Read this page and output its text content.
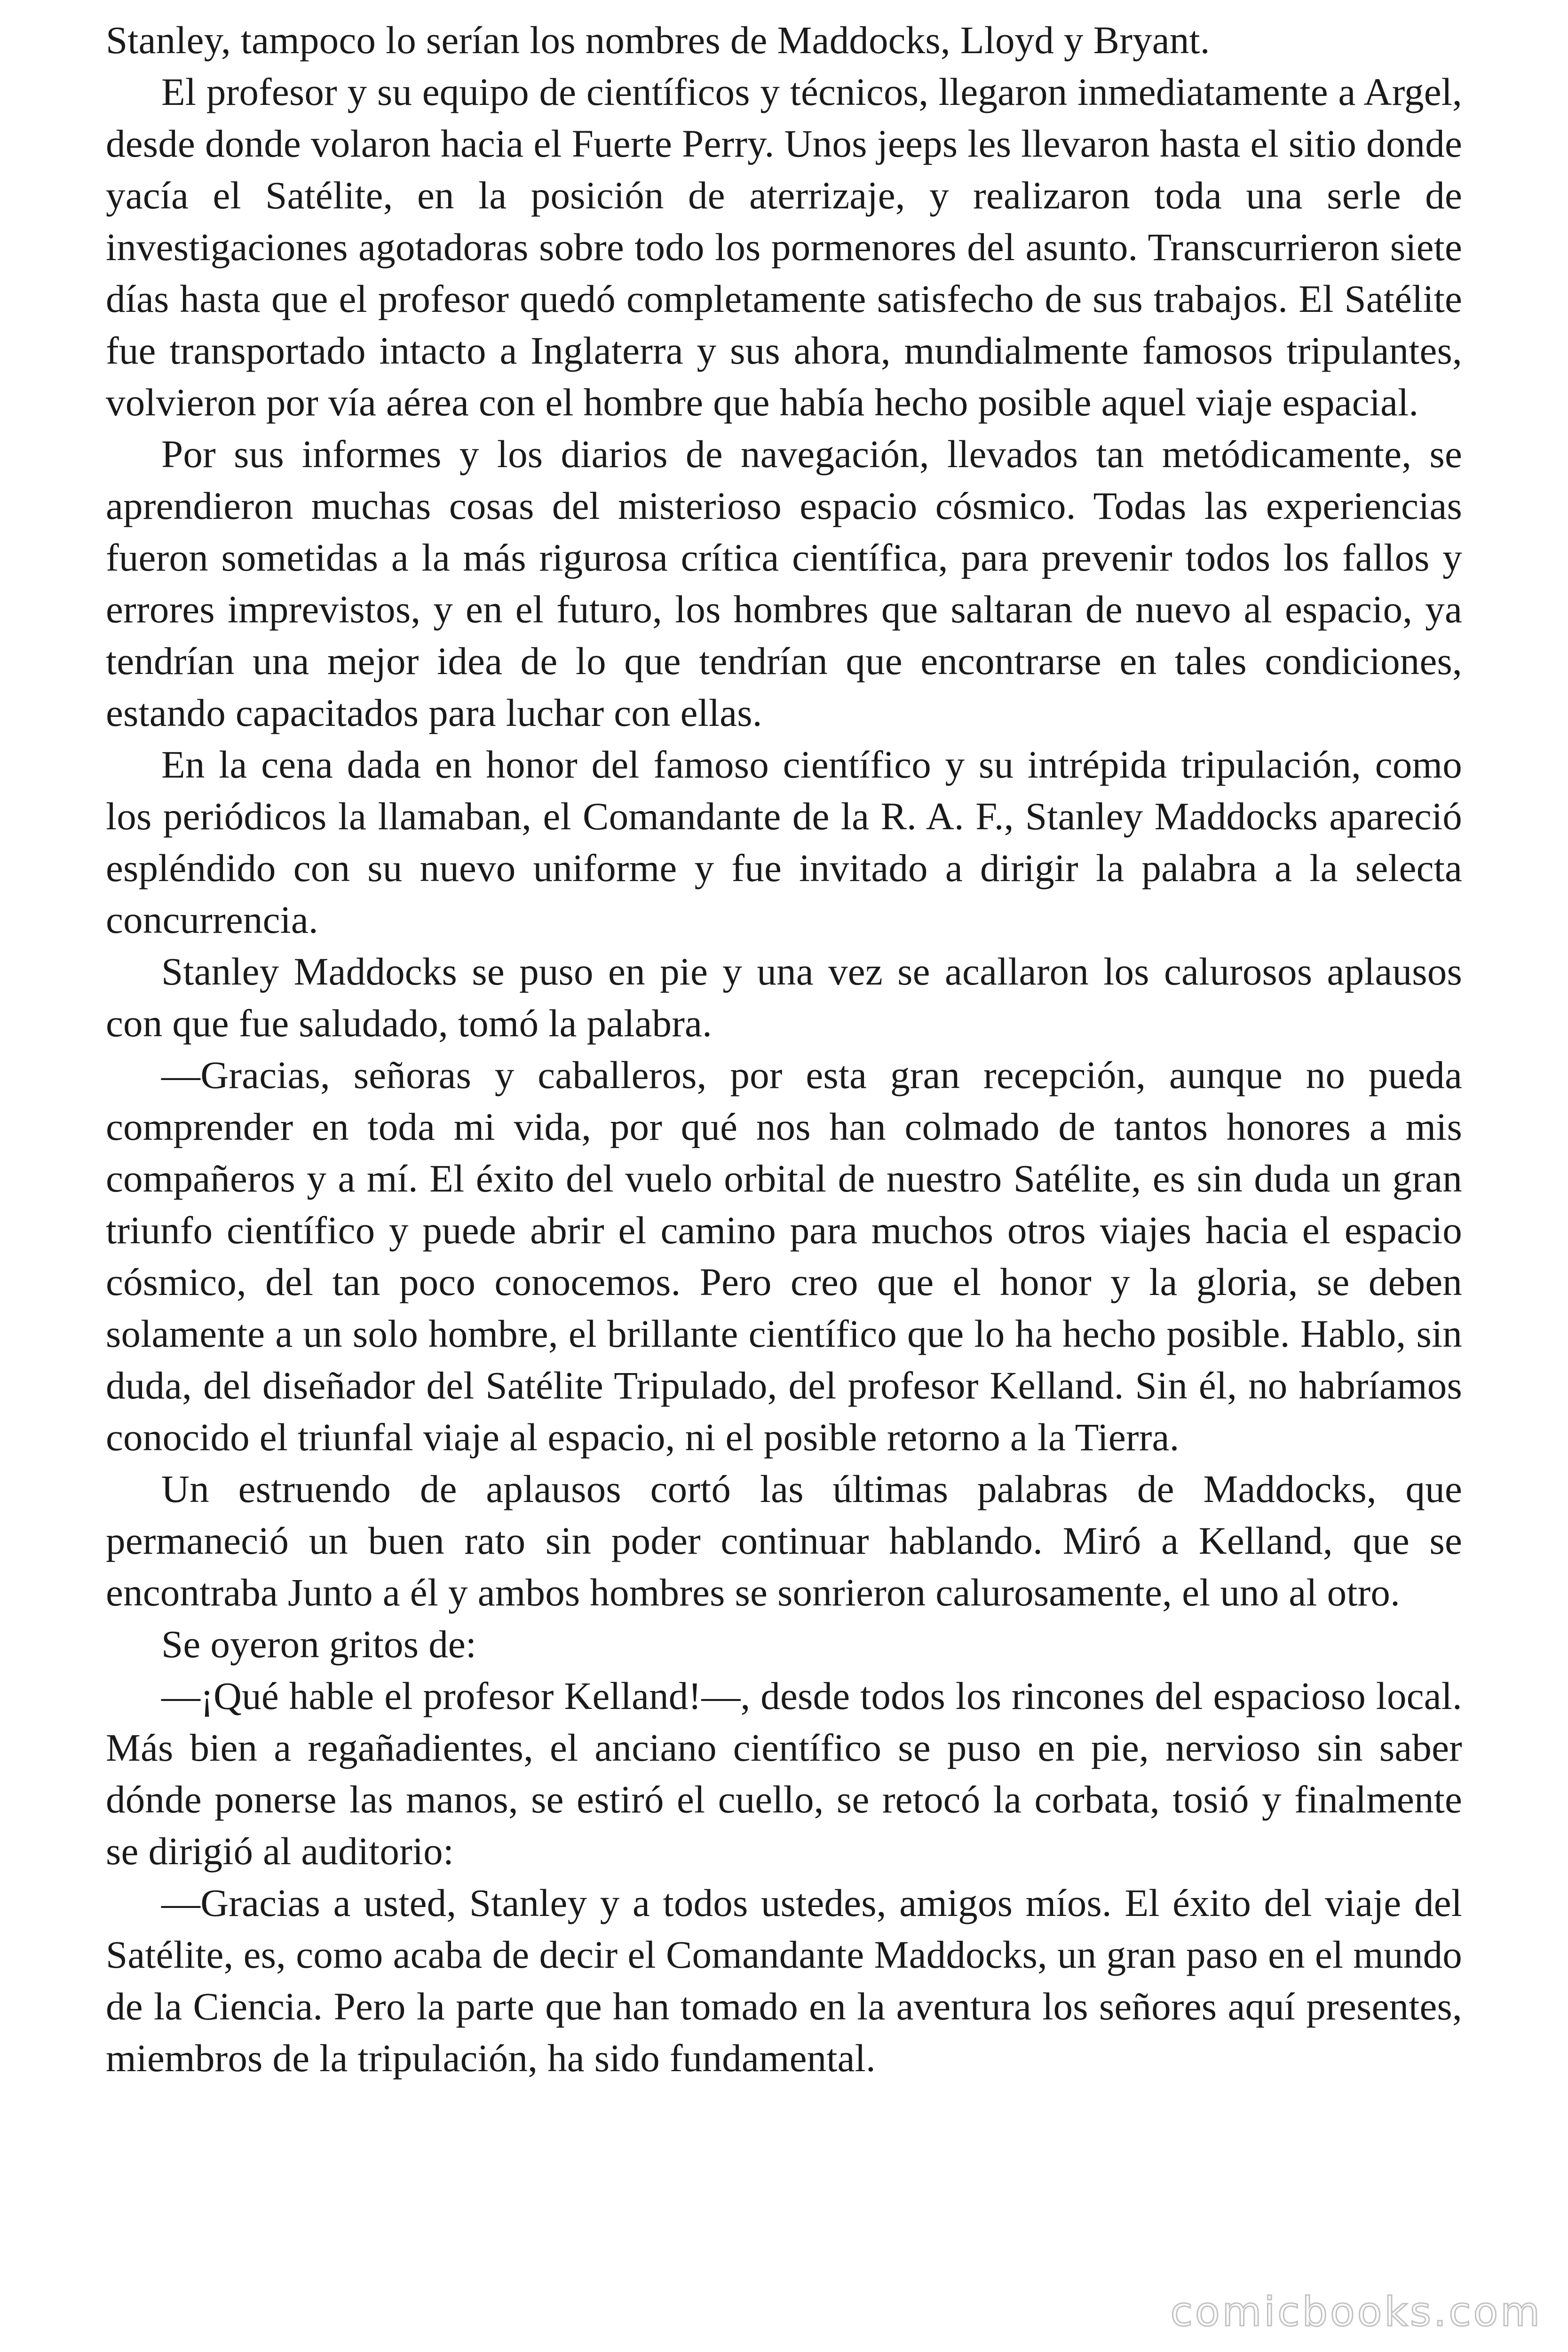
Stanley, tampoco lo serían los nombres de Maddocks, Lloyd y Bryant.

El profesor y su equipo de científicos y técnicos, llegaron inmediatamente a Argel, desde donde volaron hacia el Fuerte Perry. Unos jeeps les llevaron hasta el sitio donde yacía el Satélite, en la posición de aterrizaje, y realizaron toda una serle de investigaciones agotadoras sobre todo los pormenores del asunto. Transcurrieron siete días hasta que el profesor quedó completamente satisfecho de sus trabajos. El Satélite fue transportado intacto a Inglaterra y sus ahora, mundialmente famosos tripulantes, volvieron por vía aérea con el hombre que había hecho posible aquel viaje espacial.

Por sus informes y los diarios de navegación, llevados tan metódicamente, se aprendieron muchas cosas del misterioso espacio cósmico. Todas las experiencias fueron sometidas a la más rigurosa crítica científica, para prevenir todos los fallos y errores imprevistos, y en el futuro, los hombres que saltaran de nuevo al espacio, ya tendrían una mejor idea de lo que tendrían que encontrarse en tales condiciones, estando capacitados para luchar con ellas.

En la cena dada en honor del famoso científico y su intrépida tripulación, como los periódicos la llamaban, el Comandante de la R. A. F., Stanley Maddocks apareció espléndido con su nuevo uniforme y fue invitado a dirigir la palabra a la selecta concurrencia.

Stanley Maddocks se puso en pie y una vez se acallaron los calurosos aplausos con que fue saludado, tomó la palabra.

—Gracias, señoras y caballeros, por esta gran recepción, aunque no pueda comprender en toda mi vida, por qué nos han colmado de tantos honores a mis compañeros y a mí. El éxito del vuelo orbital de nuestro Satélite, es sin duda un gran triunfo científico y puede abrir el camino para muchos otros viajes hacia el espacio cósmico, del tan poco conocemos. Pero creo que el honor y la gloria, se deben solamente a un solo hombre, el brillante científico que lo ha hecho posible. Hablo, sin duda, del diseñador del Satélite Tripulado, del profesor Kelland. Sin él, no habríamos conocido el triunfal viaje al espacio, ni el posible retorno a la Tierra.

Un estruendo de aplausos cortó las últimas palabras de Maddocks, que permaneció un buen rato sin poder continuar hablando. Miró a Kelland, que se encontraba Junto a él y ambos hombres se sonrieron calurosamente, el uno al otro.

Se oyeron gritos de:

—¡Qué hable el profesor Kelland!—, desde todos los rincones del espacioso local. Más bien a regañadientes, el anciano científico se puso en pie, nervioso sin saber dónde ponerse las manos, se estiró el cuello, se retocó la corbata, tosió y finalmente se dirigió al auditorio:

—Gracias a usted, Stanley y a todos ustedes, amigos míos. El éxito del viaje del Satélite, es, como acaba de decir el Comandante Maddocks, un gran paso en el mundo de la Ciencia. Pero la parte que han tomado en la aventura los señores aquí presentes, miembros de la tripulación, ha sido fundamental.

comicbooks.com
